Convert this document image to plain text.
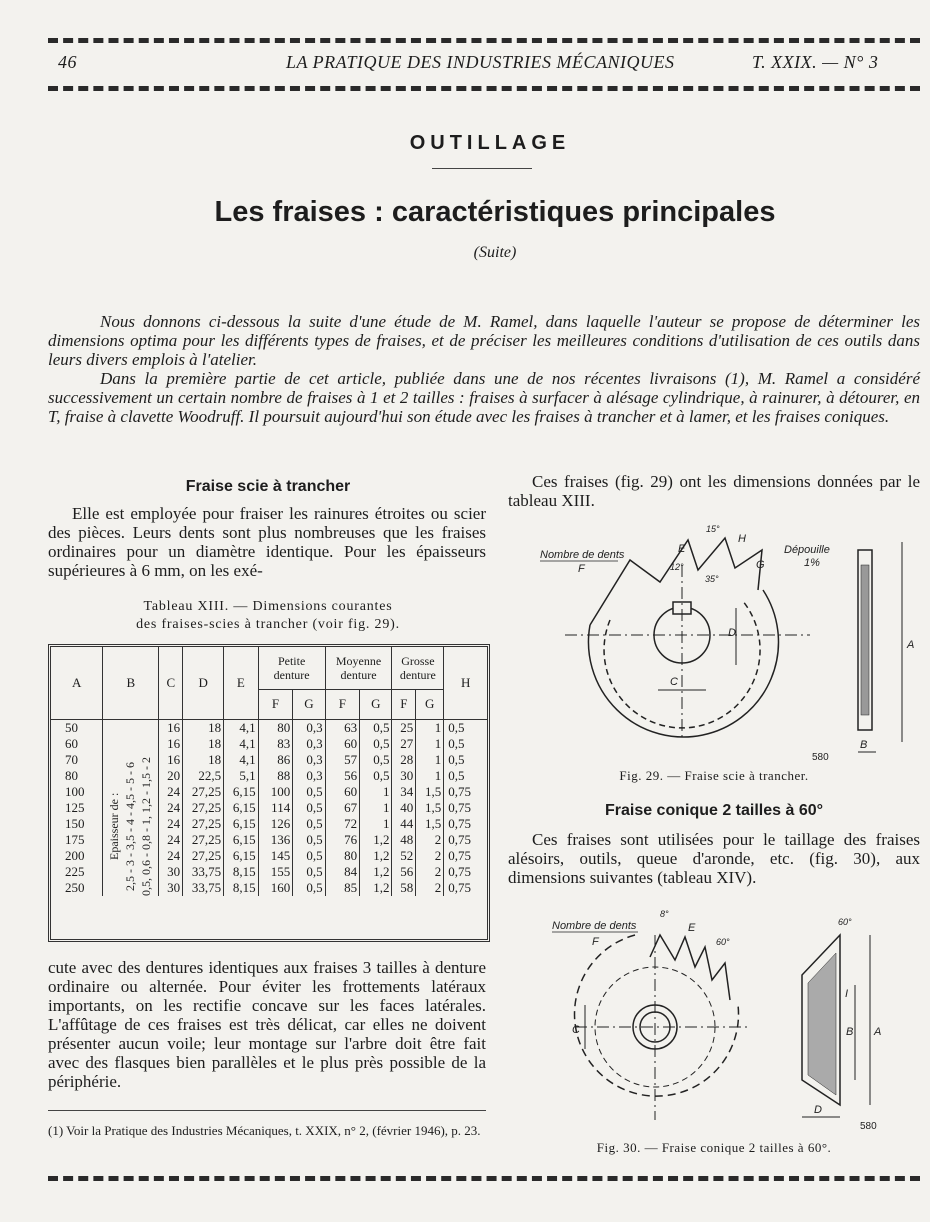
46	LA PRATIQUE DES INDUSTRIES MÉCANIQUES	T. XXIX. — N° 3
OUTILLAGE
Les fraises : caractéristiques principales
(Suite)

Nous donnons ci-dessous la suite d'une étude de M. Ramel, dans laquelle l'auteur se propose de déterminer les dimensions optima pour les différents types de fraises, et de préciser les meilleures conditions d'utilisation de ces outils dans leurs divers emplois à l'atelier.

Dans la première partie de cet article, publiée dans une de nos récentes livraisons (1), M. Ramel a considéré successivement un certain nombre de fraises à 1 et 2 tailles : fraises à surfacer à alésage cylindrique, à rainurer, à détourer, en T, fraise à clavette Woodruff. Il poursuit aujourd'hui son étude avec les fraises à trancher et à lamer, et les fraises coniques.

Fraise scie à trancher

Elle est employée pour fraiser les rainures étroites ou scier des pièces. Leurs dents sont plus nombreuses que les fraises ordinaires pour un diamètre identique. Pour les épaisseurs supérieures à 6 mm, on les exé-

Tableau XIII. — Dimensions courantes
des fraises-scies à trancher (voir fig. 29).
A	B	C	D	E	Petite denture		Moyenne denture		Grosse denture		H
					F	G	F	G	F	G	
50	Epaisseur de : 2,5 - 3 - 3,5 - 4 - 4,5 - 5 - 6 0,5, 0,6 - 0,8 - 1, 1,2 - 1,5 - 2	16	18	4,1	80	0,3	63	0,5	25	1	0,5
60		16	18	4,1	83	0,3	60	0,5	27	1	0,5
70		16	18	4,1	86	0,3	57	0,5	28	1	0,5
80		20	22,5	5,1	88	0,3	56	0,5	30	1	0,5
100		24	27,25	6,15	100	0,5	60	1	34	1,5	0,75
125		24	27,25	6,15	114	0,5	67	1	40	1,5	0,75
150		24	27,25	6,15	126	0,5	72	1	44	1,5	0,75
175		24	27,25	6,15	136	0,5	76	1,2	48	2	0,75
200		24	27,25	6,15	145	0,5	80	1,2	52	2	0,75
225		30	33,75	8,15	155	0,5	84	1,2	56	2	0,75
250		30	33,75	8,15	160	0,5	85	1,2	58	2	0,75

cute avec des dentures identiques aux fraises 3 tailles à denture ordinaire ou alternée. Pour éviter les frottements latéraux importants, on les rectifie concave sur les faces latérales. L'affûtage de ces fraises est très délicat, car elles ne doivent présenter aucun voile; leur montage sur l'arbre doit être fait avec des flasques bien parallèles et le plus près possible de la périphérie.

(1) Voir la Pratique des Industries Mécaniques, t. XXIX, n° 2, (février 1946), p. 23.

Ces fraises (fig. 29) ont les dimensions données par le tableau XIII.

Nombre de dents
F	G
H
15°
12°
35°
E
D
C
A
B
Dépouille
1%
580
Fig. 29. — Fraise scie à trancher.
Fraise conique 2 tailles à 60°

Ces fraises sont utilisées pour le taillage des fraises alésoirs, outils, queue d'aronde, etc. (fig. 30), aux dimensions suivantes (tableau XIV).

Nombre de dents
F
8°
E
60°
60°
C	B A
D
I
580
Fig. 30. — Fraise conique 2 tailles à 60°.
